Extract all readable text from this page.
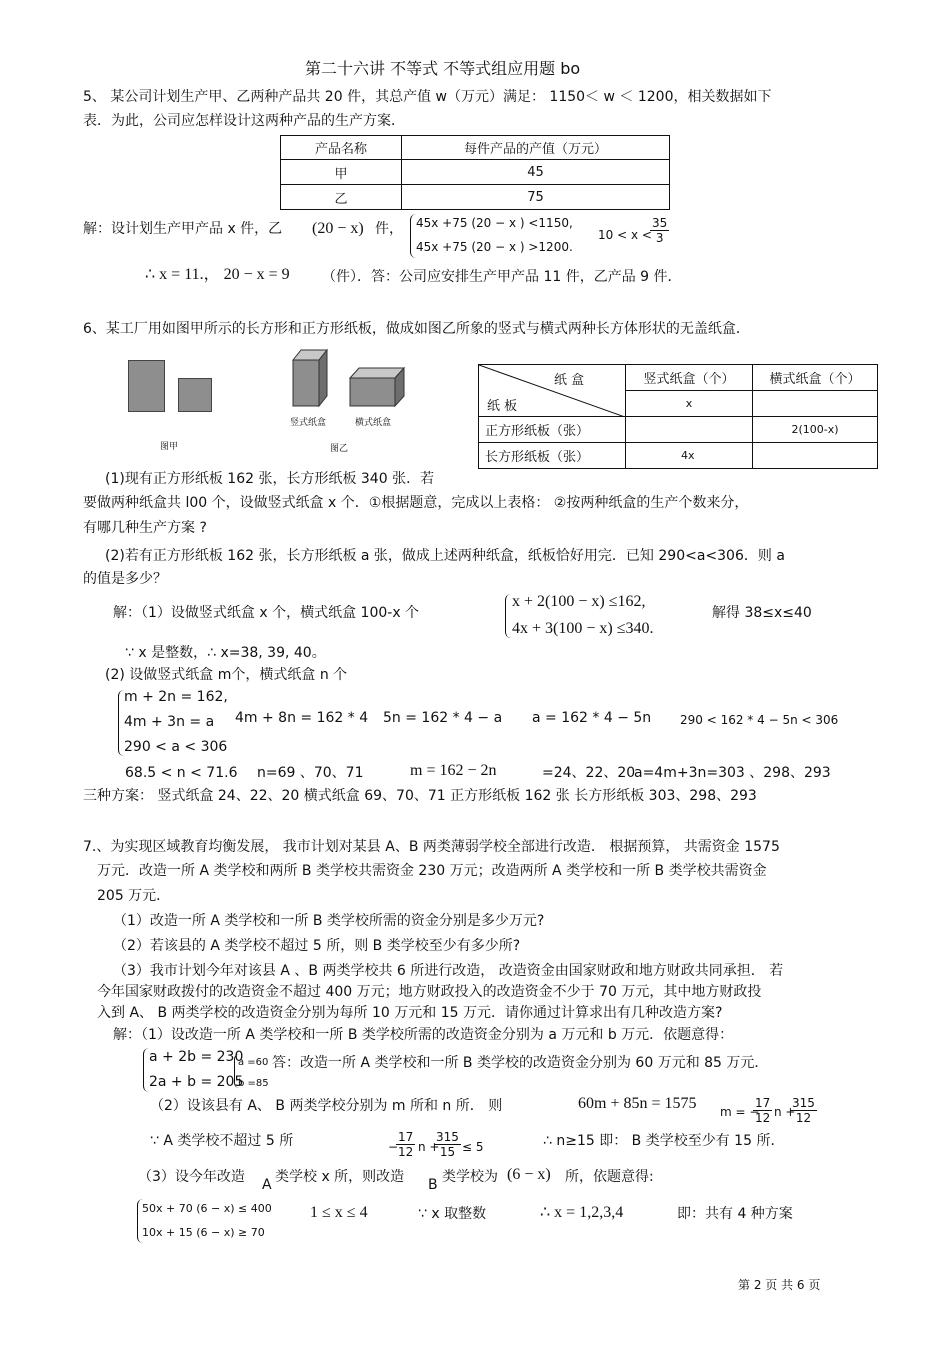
第二十六讲 不等式 不等式组应用题 bo
5、 某公司计划生产甲、乙两种产品共 20 件，其总产值 w（万元）满足： 1150＜ w ＜ 1200，相关数据如下
表．为此，公司应怎样设计这两种产品的生产方案．
产品名称	每件产品的产值（万元）
甲	45
乙	75
解：设计划生产甲产品 x 件，乙 (20 − x) 件， 45x +75 (20 − x ) <1150,
45x +75 (20 − x ) >1200.
10 < x <
$\frac{35}{3}$
∴ x = 11.， 20 − x = 9 （件）．答：公司应安排生产甲产品 11 件，乙产品 9 件．
6、某工厂用如图甲所示的长方形和正方形纸板，做成如图乙所象的竖式与横式两种长方体形状的无盖纸盒．
图甲
竖式纸盒	横式纸盒
图乙
纸 盒
纸 板	竖式纸盒（个）	横式纸盒（个）
	x	
正方形纸板（张）		2(100-x)
长方形纸板（张）	4x	
(1)现有正方形纸板 162 张，长方形纸板 340 张．若
要做两种纸盒共 l00 个，设做竖式纸盒 x 个．①根据题意，完成以上表格： ②按两种纸盒的生产个数来分，
有哪几种生产方案 ?
(2)若有正方形纸板 162 张，长方形纸板 a 张，做成上述两种纸盒，纸板恰好用完．已知 290<a<306．则 a
的值是多少？
解：（1）设做竖式纸盒 x 个，横式纸盒 100-x 个
x + 2(100 − x) ≤162,
4x + 3(100 − x) ≤340.
解得 38≤x≤40
∵ x 是整数，∴ x=38, 39, 40。
(2) 设做竖式纸盒 m个，横式纸盒 n 个
m + 2n = 162,
4m + 3n = a
290 < a < 306
4m + 8n = 162 * 4 5n = 162 * 4 − a a = 162 * 4 − 5n 290 < 162 * 4 − 5n < 306
68.5 < n < 71.6 n=69 、70、71	m = 162 − 2n	=24、22、20
a=4m+3n=303 、298、293
三种方案： 竖式纸盒 24、22、20 横式纸盒 69、70、71 正方形纸板 162 张 长方形纸板 303、298、293
7.、为实现区域教育均衡发展， 我市计划对某县 A、B 两类薄弱学校全部进行改造． 根据预算， 共需资金 1575
万元．改造一所 A 类学校和两所 B 类学校共需资金 230 万元；改造两所 A 类学校和一所 B 类学校共需资金
205 万元．
（1）改造一所 A 类学校和一所 B 类学校所需的资金分别是多少万元?
（2）若该县的 A 类学校不超过 5 所，则 B 类学校至少有多少所?
（3）我市计划今年对该县 A 、B 两类学校共 6 所进行改造， 改造资金由国家财政和地方财政共同承担． 若
今年国家财政拨付的改造资金不超过 400 万元；地方财政投入的改造资金不少于 70 万元，其中地方财政投
入到 A、 B 两类学校的改造资金分别为每所 10 万元和 15 万元．请你通过计算求出有几种改造方案?
解：（1）设改造一所 A 类学校和一所 B 类学校所需的改造资金分别为 a 万元和 b 万元．依题意得：
a + 2b = 230
2a + b = 205
a =60
b =85
答：改造一所 A 类学校和一所 B 类学校的改造资金分别为 60 万元和 85 万元．
（2）设该县有 A、 B 两类学校分别为 m 所和 n 所． 则	60m + 85n = 1575 m = −
$\frac{17}{12}$ n +
$\frac{315}{12}$
∵ A 类学校不超过 5 所	−
$\frac{17}{12}$ n +
$\frac{315}{15} \le 5$	∴ n≥15 即： B 类学校至少有 15 所．
（3）设今年改造 A 类学校 x 所，则改造 B 类学校为 (6 − x) 所，依题意得:
50x + 70 (6 − x) ≤ 400
10x + 15 (6 − x) ≥ 70
1 ≤ x ≤ 4	∵ x 取整数	∴ x = 1,2,3,4	即：共有 4 种方案
第 2 页 共 6 页
